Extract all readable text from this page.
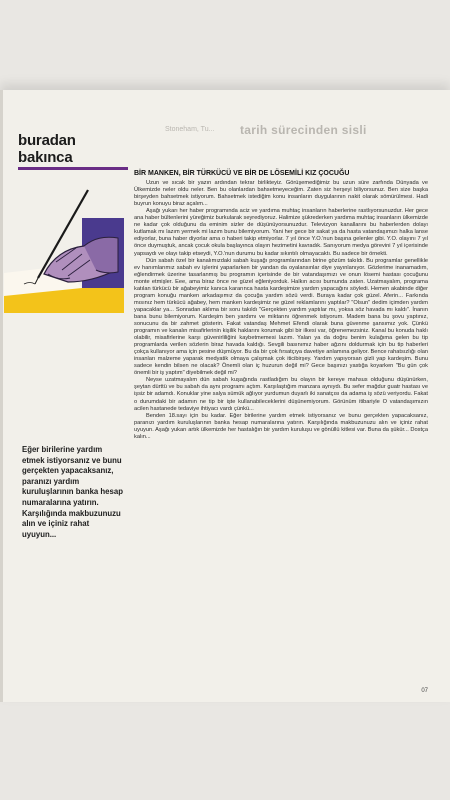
Stoneham, Tu... tarih sürecinden sisli
buradan bakınca
Eğer birilerine yardım etmek istiyorsanız ve bunu gerçekten yapacaksanız, paranızı yardım kuruluşlarının banka hesap numaralarına yatırın. Karşılığında makbuzunuzu alın ve içiniz rahat uyuyun...
BİR MANKEN, BİR TÜRKÜCÜ VE BİR DE LÖSEMİLİ KIZ ÇOCUĞU

Uzun ve sıcak bir yazın ardından tekrar birlikteyiz. Görüşemediğimiz bu uzun süre zarfında Dünyada ve Ülkemizde neler oldu neler. Ben bu olanlardan bahsetmeyeceğim. Zaten siz herşeyi biliyorsunuz. Ben size başka birşeyden bahsetmek istiyorum. Bahsetmek istediğim konu insanların duygularının nakit olarak sömürülmesi. Hadi buyrun konuyu biraz açalım...

Aşağı yukarı her haber programında aciz ve yardıma muhtaç insanların haberlerine rastlıyorsunuzdur. Her gece ana haber bültenlerini yüreğimiz burkularak seyrediyoruz. Halimize şükrederken yardıma muhtaç insanların ülkemizde ne kadar çok olduğunu da eminim sizler de düşünüyorsunuzdur. Televizyon kanallarını bu haberlerden dolayı kutlamak mı lazım yermek mi lazım bunu bilemiyorum. Yani her gece bir sakat ya da hasta vatandaşımızı halka lanse ediyorlar, buna haber diyorlar ama o haberi takip etmiyorlar. 7 yıl önce Y.O.'nun başına gelenler gibi. Y.O. olayını 7 yıl önce duymuştuk, ancak çocuk okula başlayınca olayın hezimetini kavradık. Sanıyorum medya görevini 7 yıl içerisinde yapsaydı ve olayı takip etseydi, Y.O.'nun durumu bu kadar sıkıntılı olmayacaktı. Bu sadece bir örnekti.

Dün sabah özel bir kanalımızdaki sabah kuşağı programlarından birine gözüm takıldı. Bu programlar genellikle ev hanımlarımız sabah ev işlerini yaparlarken bir yandan da oyalansınlar diye yayınlanıyor. Gözlerime inanamadım, eğlendirmek üzerine tasarlanmış bu programın içerisinde de bir vatandaşımızı ve onun lösemi hastası çocuğunu monte etmişler. Eee, ama biraz önce ne güzel eğleniyorduk. Halkın acısı burnunda zaten. Uzatmayalım, programa katılan türkücü bir ağabeyimiz kanıca kararınca hasta kardeşimize yardım yapacağını söyledi. Hemen akabinde diğer program konuğu manken arkadaşımız da çocuğa yardım sözü verdi. Buraya kadar çok güzel. Aferin... Farkında mısınız hem türkücü ağabey, hem manken kardeşimiz ne güzel reklamlarını yaptılar? "Olsun" dedim içimden yardım yapacaklar ya... Sonradan aklıma bir soru takıldı "Gerçekten yardım yaptılar mı, yoksa söz havada mı kaldı". İnanın bana bunu bilemiyorum. Kardeşim ben yardımı ve miktarını öğrenmek istiyorum. Madem bana bu şovu yaptınız, sonucunu da bir zahmet gösterin. Fakat vatandaş Mehmet Efendi olarak buna güvenme şansımız yok. Çünkü programın ve kanalın misafirlerinin kişilik haklarını korumak gibi bir ilkesi var, öğrenemezsiniz. Kanal bu konuda haklı olabilir, misafirlerine karşı güvenirliliğini kaybetmemesi lazım. Yalan ya da doğru benim kulağıma gelen bu tip programlarda verilen sözlerin biraz havada kaldığı. Sevgili basınımız haber ağzını doldurmak için bu tip haberleri çokça kullanıyor ama için pesine düşmüyor. Bu da bir çok fırsatçıya davetiye anlamına geliyor. Bence rahatsızlığı olan insanları malzeme yaparak medyatik olmaya çalışmak çok iticibirşey. Yardım yapıyorsan gizli yap kardeşim. Bunu sadece kendin bilsen ne olacak? Önemli olan iç huzurun değil mi? Gece başınızı yastığa koyarken "Bu gün çok önemli bir iş yaptım" diyebilmek değil mi?

Neyse uzatmayalım dün sabah kuşağında rastladığım bu olayın bir kereye mahsus olduğunu düşünürken, şeytan dürttü ve bu sabah da aynı programı açtım. Karşılaştığım manzara aynıydı. Bu sefer mağdur guatr hastası ve işsiz bir adamdı. Konuklar yine salya sümük ağlıyor yurdumun duyarlı iki sanatçısı da adama iş sözü veriyordu. Fakat o durumdaki bir adamın ne tip bir işte kullanabileceklerini düşünemiyorum. Görünüm itibariyle O vatandaşımızın acilen hastanede tedaviye ihtiyacı vardı çünkü...

Benden 18.sayı için bu kadar. Eğer birilerine yardım etmek istiyorsanız ve bunu gerçekten yapacaksanız, paranızı yardım kuruluşlarının banka hesap numaralarına yatırın. Karşılığında makbuzunuzu alın ve içiniz rahat uyuyun. Aşağı yukarı artık ülkemizde her hastalığın bir yardım kuruluşu ve gönüllü kitlesi var. Buna da şükür... Dostça kalın...

07
